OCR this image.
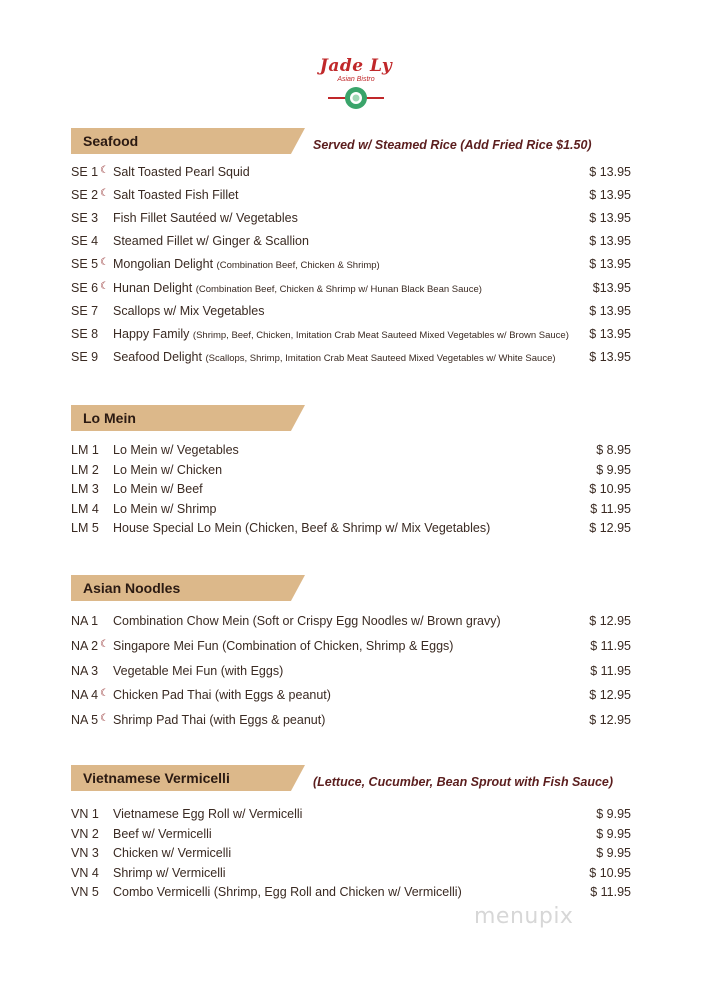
Jade Ly
Asian Bistro
Seafood	Served w/ Steamed Rice (Add Fried Rice $1.50)
SE 1 ☾ Salt Toasted Pearl Squid	$ 13.95
SE 2 ☾ Salt Toasted Fish Fillet	$ 13.95
SE 3 Fish Fillet Sautéed w/ Vegetables	$ 13.95
SE 4 Steamed Fillet w/ Ginger & Scallion	$ 13.95
SE 5 ☾ Mongolian Delight (Combination Beef, Chicken & Shrimp)	$ 13.95
SE 6 ☾ Hunan Delight (Combination Beef, Chicken & Shrimp w/ Hunan Black Bean Sauce)	$13.95
SE 7 Scallops w/ Mix Vegetables	$ 13.95
SE 8 Happy Family (Shrimp, Beef, Chicken, Imitation Crab Meat Sauteed Mixed Vegetables w/ Brown Sauce) $ 13.95
SE 9 Seafood Delight (Scallops, Shrimp, Imitation Crab Meat Sauteed Mixed Vegetables w/ White Sauce)	$ 13.95
Lo Mein
LM 1 Lo Mein w/ Vegetables	$ 8.95
LM 2 Lo Mein w/ Chicken	$ 9.95
LM 3 Lo Mein w/ Beef	$ 10.95
LM 4 Lo Mein w/ Shrimp	$ 11.95
LM 5 House Special Lo Mein (Chicken, Beef & Shrimp w/ Mix Vegetables)	$ 12.95
Asian Noodles
NA 1 Combination Chow Mein (Soft or Crispy Egg Noodles w/ Brown gravy)	$ 12.95
NA 2 ☾ Singapore Mei Fun (Combination of Chicken, Shrimp & Eggs)	$ 11.95
NA 3 Vegetable Mei Fun (with Eggs)	$ 11.95
NA 4 ☾ Chicken Pad Thai (with Eggs & peanut)	$ 12.95
NA 5 ☾ Shrimp Pad Thai (with Eggs & peanut)	$ 12.95
Vietnamese Vermicelli	(Lettuce, Cucumber, Bean Sprout with Fish Sauce)
VN 1 Vietnamese Egg Roll w/ Vermicelli	$ 9.95
VN 2 Beef w/ Vermicelli	$ 9.95
VN 3 Chicken w/ Vermicelli	$ 9.95
VN 4 Shrimp w/ Vermicelli	$ 10.95
VN 5 Combo Vermicelli (Shrimp, Egg Roll and Chicken w/ Vermicelli)	$ 11.95
menupix
